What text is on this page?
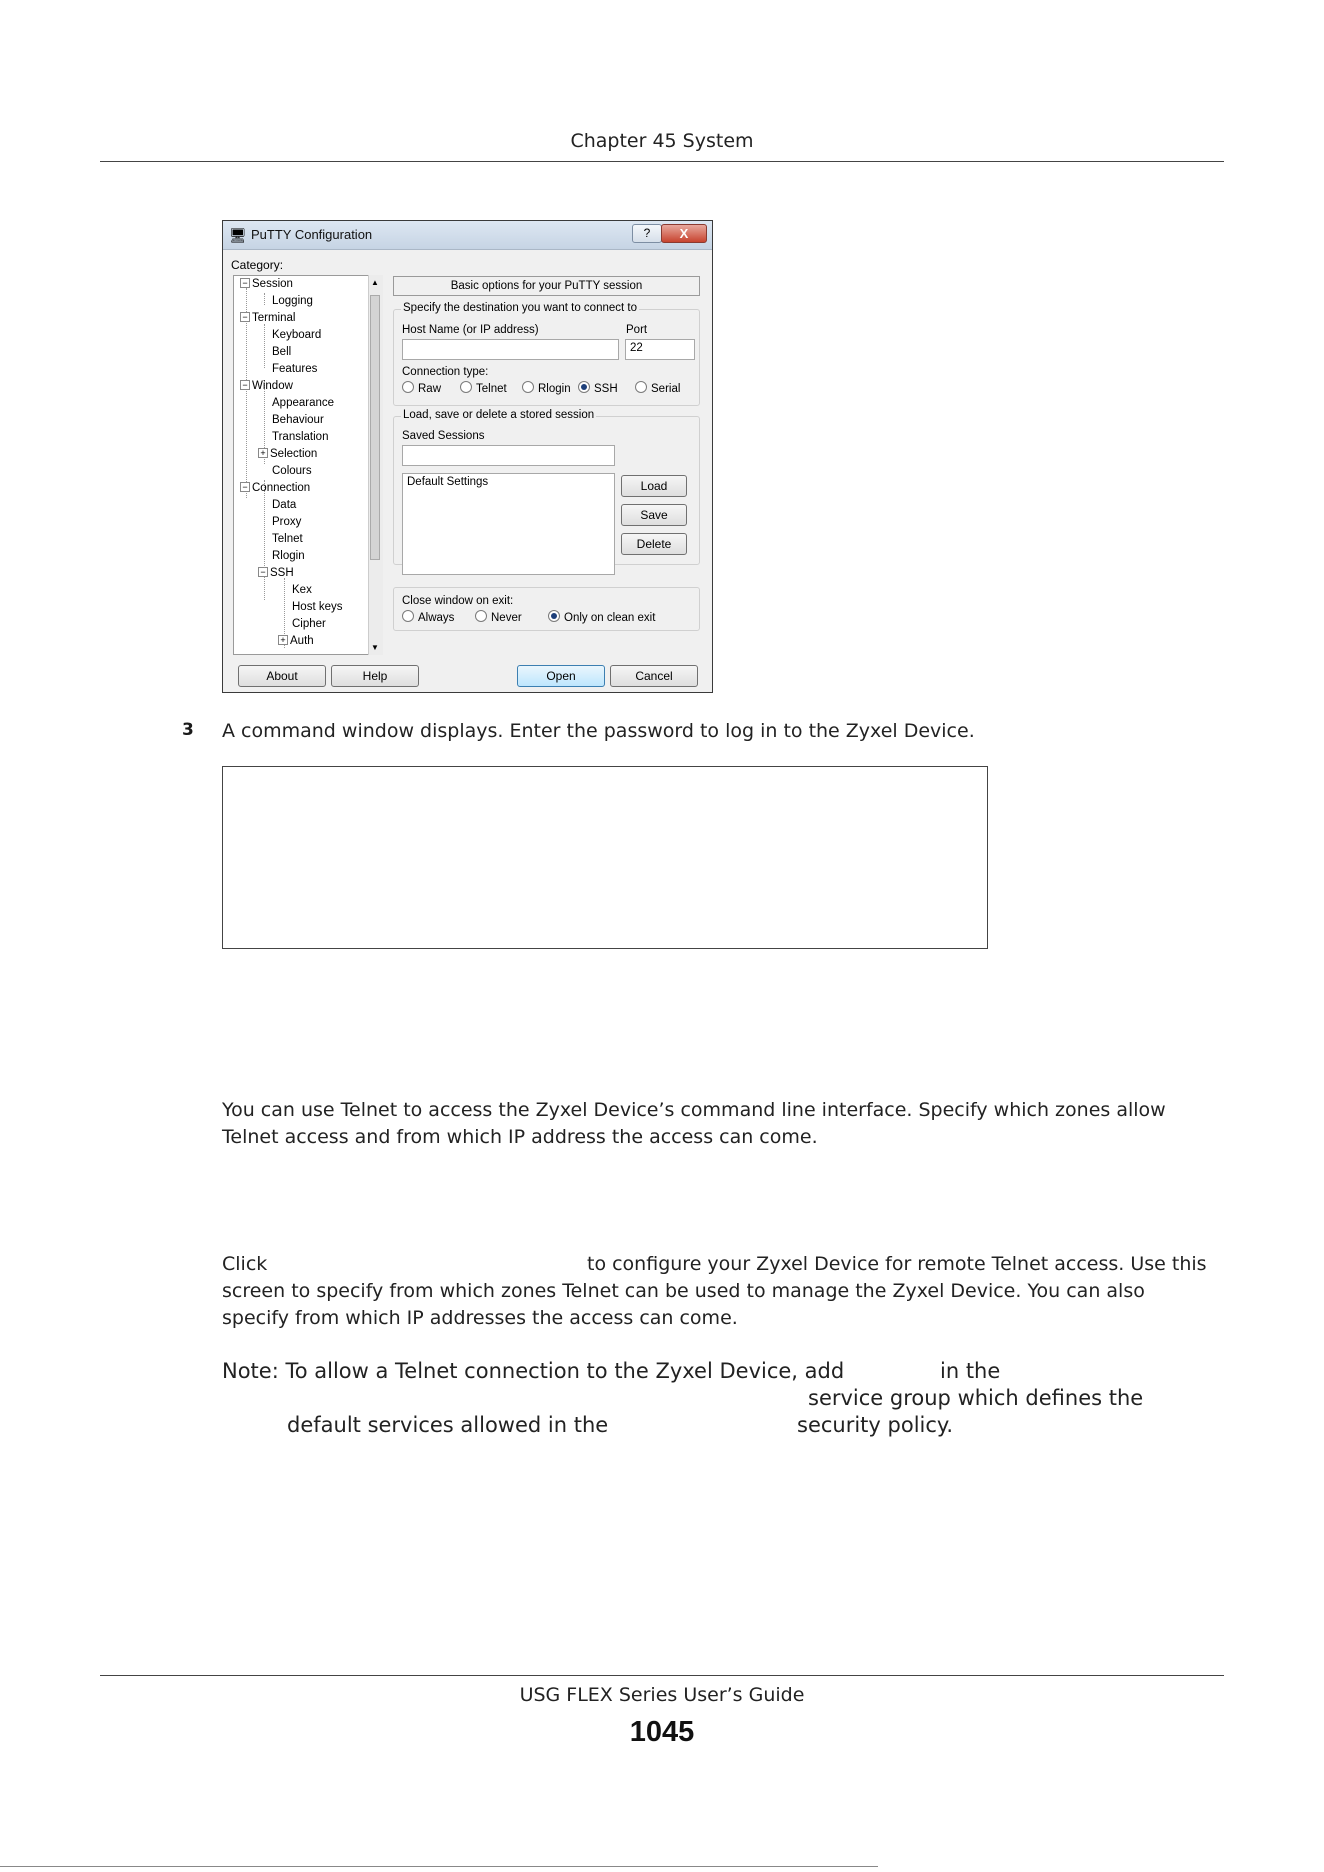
Chapter 45 System
🖥 PuTTY Configuration	?	X
Category:
− Session
Logging
− Terminal
Keyboard
Bell
Features
− Window
Appearance
Behaviour
Translation
+ Selection
Colours
− Connection
Data
Proxy
Telnet
Rlogin
− SSH
Kex
Host keys
Cipher
+ Auth
▲
▼
Basic options for your PuTTY session
Specify the destination you want to connect to
Host Name (or IP address)	Port
22
Connection type:
Raw	Telnet	Rlogin	SSH	Serial
Load, save or delete a stored session
Saved Sessions
Default Settings	Load
Save
Delete
Close window on exit:
Always	Never	Only on clean exit
About	Help	Open	Cancel
3 A command window displays. Enter the password to log in to the Zyxel Device.
You can use Telnet to access the Zyxel Device’s command line interface. Specify which zones allow
Telnet access and from which IP address the access can come.
Click	to configure your Zyxel Device for remote Telnet access. Use this
screen to specify from which zones Telnet can be used to manage the Zyxel Device. You can also
specify from which IP addresses the access can come.
Note: To allow a Telnet connection to the Zyxel Device, add	in the
service group which defines the
default services allowed in the	security policy.
USG FLEX Series User’s Guide
1045
